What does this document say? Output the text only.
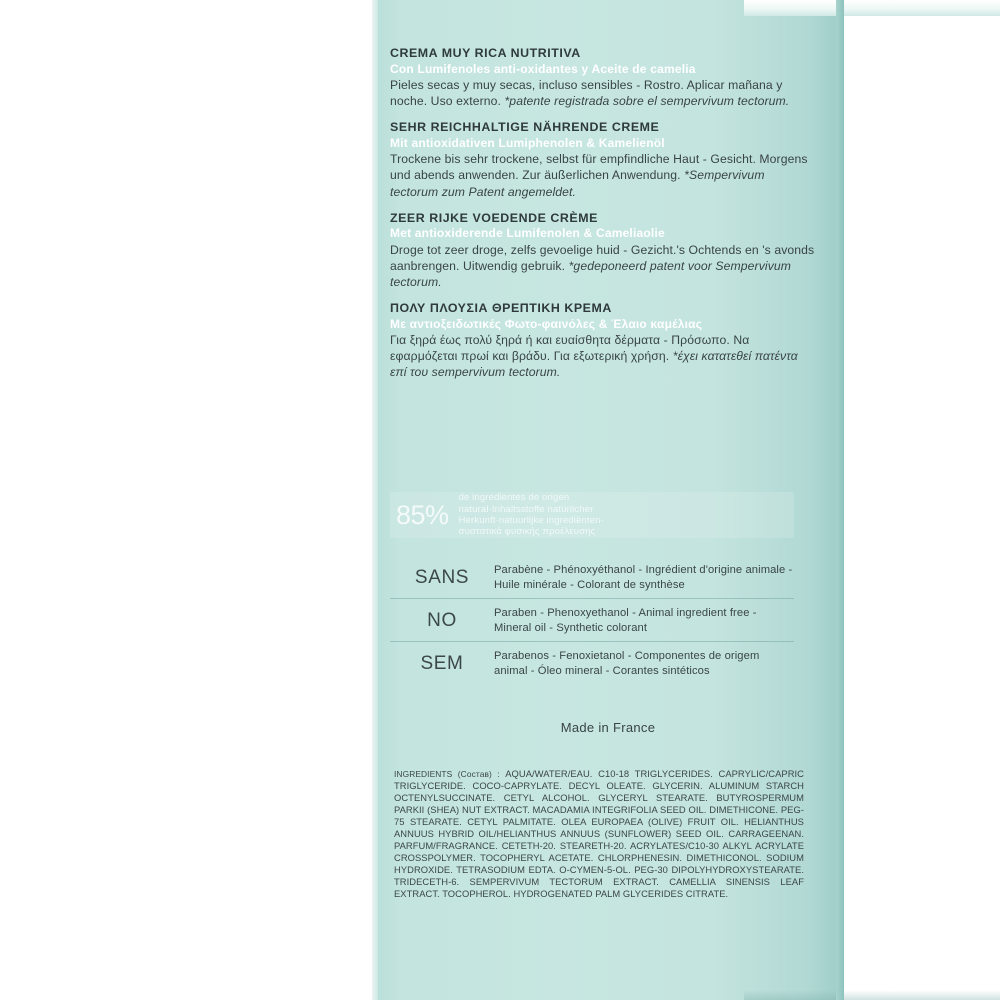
CREMA MUY RICA NUTRITIVA
Con Lumifenoles anti-oxidantes y Aceite de camelia
Pieles secas y muy secas, incluso sensibles - Rostro. Aplicar mañana y noche. Uso externo. *patente registrada sobre el sempervivum tectorum.
SEHR REICHHALTIGE NÄHRENDE CREME
Mit antioxidativen Lumiphenolen & Kamelienöl
Trockene bis sehr trockene, selbst für empfindliche Haut - Gesicht. Morgens und abends anwenden. Zur äußerlichen Anwendung. *Sempervivum tectorum zum Patent angemeldet.
ZEER RIJKE VOEDENDE CRÈME
Met antioxiderende Lumifenolen & Cameliaolie
Droge tot zeer droge, zelfs gevoelige huid - Gezicht.'s Ochtends en 's avonds aanbrengen. Uitwendig gebruik. *gedeponeerd patent voor Sempervivum tectorum.
ΠΟΛΥ ΠΛΟΥΣΙΑ ΘΡΕΠΤΙΚΗ ΚΡΕΜΑ
Με αντιοξειδωτικές Φωτο-φαινόλες & Έλαιο καμέλιας
Για ξηρά έως πολύ ξηρά ή και ευαίσθητα δέρματα - Πρόσωπο. Να εφαρμόζεται πρωί και βράδυ. Για εξωτερική χρήση. *έχει κατατεθεί πατέντα επί του sempervivum tectorum.
85%
de ingredientes de origen
natural·Inhaltsstoffe natürlicher
Herkunft·natuurlijke ingrediënten·
συστατικά φυσικής προέλευσης
SANS	Parabène - Phénoxyéthanol - Ingrédient d'origine animale - Huile minérale - Colorant de synthèse
NO	Paraben - Phenoxyethanol - Animal ingredient free - Mineral oil - Synthetic colorant
SEM	Parabenos - Fenoxietanol - Componentes de origem animal - Óleo mineral - Corantes sintéticos
Made in France
INGREDIENTS (Состав) : AQUA/WATER/EAU. C10-18 TRIGLYCERIDES. CAPRYLIC/CAPRIC TRIGLYCERIDE. COCO-CAPRYLATE. DECYL OLEATE. GLYCERIN. ALUMINUM STARCH OCTENYLSUCCINATE. CETYL ALCOHOL. GLYCERYL STEARATE. BUTYROSPERMUM PARKII (SHEA) NUT EXTRACT. MACADAMIA INTEGRIFOLIA SEED OIL. DIMETHICONE. PEG-75 STEARATE. CETYL PALMITATE. OLEA EUROPAEA (OLIVE) FRUIT OIL. HELIANTHUS ANNUUS HYBRID OIL/HELIANTHUS ANNUUS (SUNFLOWER) SEED OIL. CARRAGEENAN. PARFUM/FRAGRANCE. CETETH-20. STEARETH-20. ACRYLATES/C10-30 ALKYL ACRYLATE CROSSPOLYMER. TOCOPHERYL ACETATE. CHLORPHENESIN. DIMETHICONOL. SODIUM HYDROXIDE. TETRASODIUM EDTA. O-CYMEN-5-OL. PEG-30 DIPOLYHYDROXYSTEARATE. TRIDECETH-6. SEMPERVIVUM TECTORUM EXTRACT. CAMELLIA SINENSIS LEAF EXTRACT. TOCOPHEROL. HYDROGENATED PALM GLYCERIDES CITRATE.
